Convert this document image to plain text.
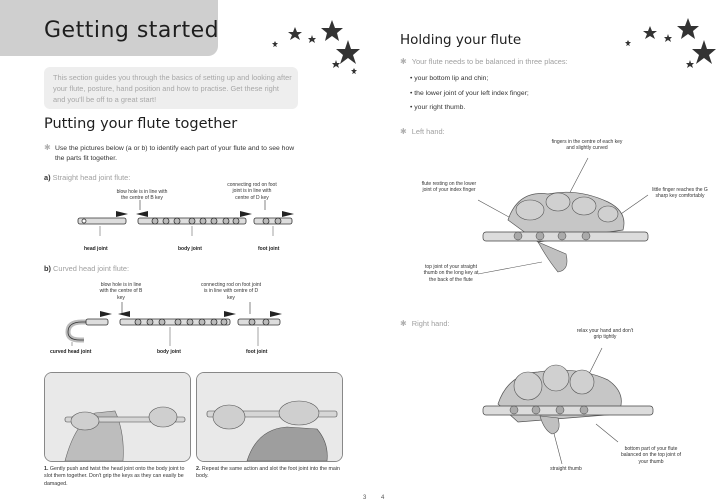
Getting started
This section guides you through the basics of setting up and looking after your flute, posture, hand position and how to practise. Get these right and you'll be off to a great start!
Putting your flute together
✱ Use the pictures below (a or b) to identify each part of your flute and to see how the parts fit together.
a) Straight head joint flute:
blow hole is in line with the centre of B key
connecting rod on foot joint is in line with centre of D key
head joint	body joint	foot joint
b) Curved head joint flute:
blow hole is in line with the centre of B key
connecting rod on foot joint is in line with centre of D key
curved head joint	body joint	foot joint
1. Gently push and twist the head joint onto the body joint to slot them together. Don't grip the keys as they can easily be damaged.
2. Repeat the same action and slot the foot joint into the main body.
3 4
Holding your flute
✱ Your flute needs to be balanced in three places:
• your bottom lip and chin;
• the lower joint of your left index finger;
• your right thumb.
✱ Left hand:
fingers in the centre of each key and slightly curved
flute resting on the lower joint of your index finger	little finger reaches the G sharp key comfortably
top joint of your straight thumb on the long key at the back of the flute
✱ Right hand:
relax your hand and don't grip tightly
straight thumb
bottom part of your flute balanced on the top joint of your thumb
